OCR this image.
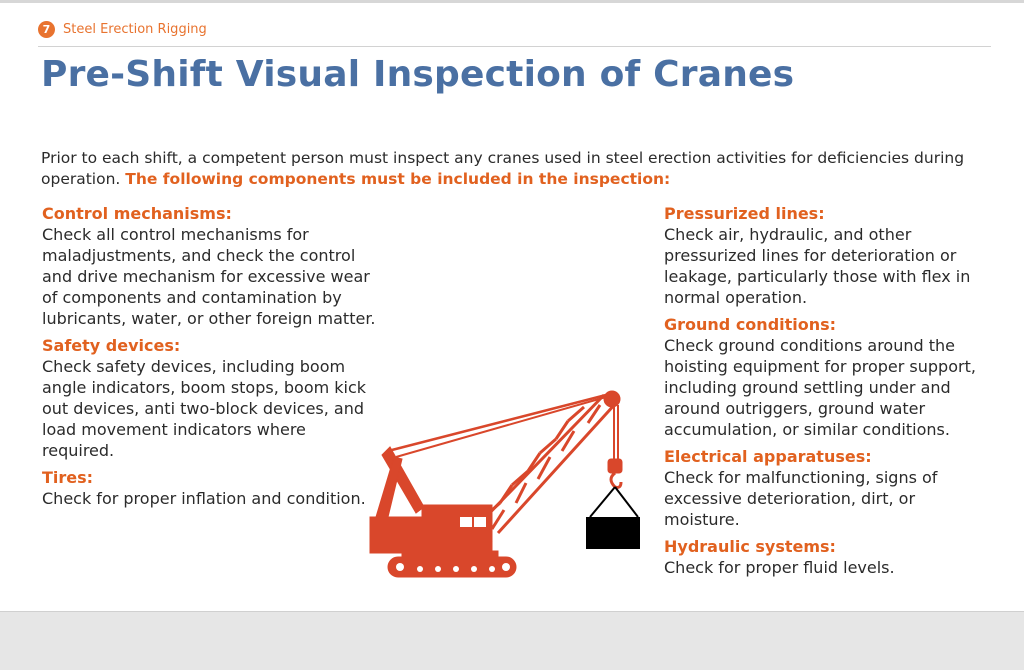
7 Steel Erection Rigging
Pre-Shift Visual Inspection of Cranes

Prior to each shift, a competent person must inspect any cranes used in steel erection activities for deficiencies during operation. The following components must be included in the inspection:

Control mechanisms:
Check all control mechanisms for maladjustments, and check the control and drive mechanism for excessive wear of components and contamination by lubricants, water, or other foreign matter.
Safety devices:
Check safety devices, including boom angle indicators, boom stops, boom kick out devices, anti two-block devices, and load movement indicators where required.
Tires:
Check for proper inflation and condition.
Pressurized lines:
Check air, hydraulic, and other pressurized lines for deterioration or leakage, particularly those with flex in normal operation.
Ground conditions:
Check ground conditions around the hoisting equipment for proper support, including ground settling under and around outriggers, ground water accumulation, or similar conditions.
Electrical apparatuses:
Check for malfunctioning, signs of excessive deterioration, dirt, or moisture.
Hydraulic systems:
Check for proper fluid levels.
